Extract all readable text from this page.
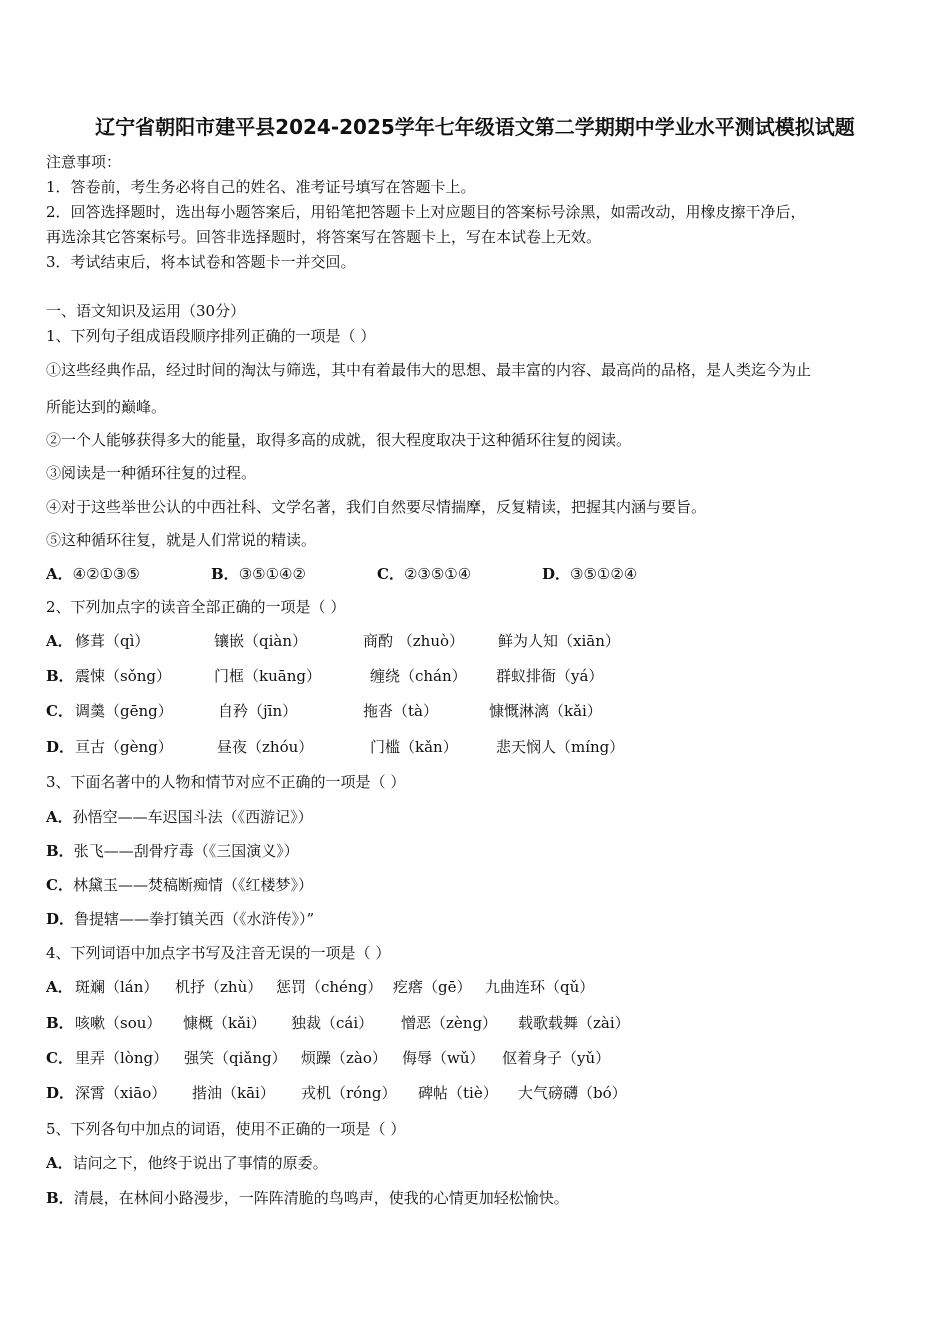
辽宁省朝阳市建平县2024-2025学年七年级语文第二学期期中学业水平测试模拟试题
注意事项：
1．答卷前，考生务必将自己的姓名、准考证号填写在答题卡上。
2．回答选择题时，选出每小题答案后，用铅笔把答题卡上对应题目的答案标号涂黑，如需改动，用橡皮擦干净后，
再选涂其它答案标号。回答非选择题时，将答案写在答题卡上，写在本试卷上无效。
3．考试结束后，将本试卷和答题卡一并交回。
一、语文知识及运用（30分）
1、下列句子组成语段顺序排列正确的一项是（ ）
①这些经典作品，经过时间的淘汰与筛选，其中有着最伟大的思想、最丰富的内容、最高尚的品格，是人类迄今为止
所能达到的巅峰。
②一个人能够获得多大的能量，取得多高的成就，很大程度取决于这种循环往复的阅读。
③阅读是一种循环往复的过程。
④对于这些举世公认的中西社科、文学名著，我们自然要尽情揣摩，反复精读，把握其内涵与要旨。
⑤这种循环往复，就是人们常说的精读。
A．④②①③⑤	B．③⑤①④②	C．②③⑤①④	D．③⑤①②④
2、下列加点字的读音全部正确的一项是（ ）
A． 修葺（qì）	镶嵌（qiàn）	商酌 （zhuò） 鲜为人知（xiān）
B． 震悚（sǒng）	门框（kuāng）	缠绕（chán） 群蚁排衙（yá）
C． 调羹（gēng）	自矜（jīn）	拖沓（tà）	慷慨淋漓（kǎi）
D． 亘古（gèng）	昼夜（zhóu）	门槛（kǎn）	悲天悯人（míng）
3、下面名著中的人物和情节对应不正确的一项是（ ）
A．孙悟空——车迟国斗法（《西游记》）
B．张飞——刮骨疗毒（《三国演义》）
C．林黛玉——焚稿断痴情（《红楼梦》）
D．鲁提辖——拳打镇关西（《水浒传》）”
4、下列词语中加点字书写及注音无误的一项是（ ）
A． 斑斓（lán） 机抒（zhù） 惩罚（chéng） 疙瘩（gē） 九曲连环（qǔ）
B． 咳嗽（sou） 慷概（kǎi） 独裁（cái） 憎恶（zèng） 载歌载舞（zài）
C． 里弄（lòng） 强笑（qiǎng） 烦躁（zào） 侮辱（wǔ） 伛着身子（yǔ）
D． 深霄（xiāo） 揩油（kāi） 戎机（róng） 碑帖（tiè） 大气磅礴（bó）
5、下列各句中加点的词语，使用不正确的一项是（ ）
A．诘问之下，他终于说出了事情的原委。
B．清晨，在林间小路漫步，一阵阵清脆的鸟鸣声，使我的心情更加轻松愉快。
